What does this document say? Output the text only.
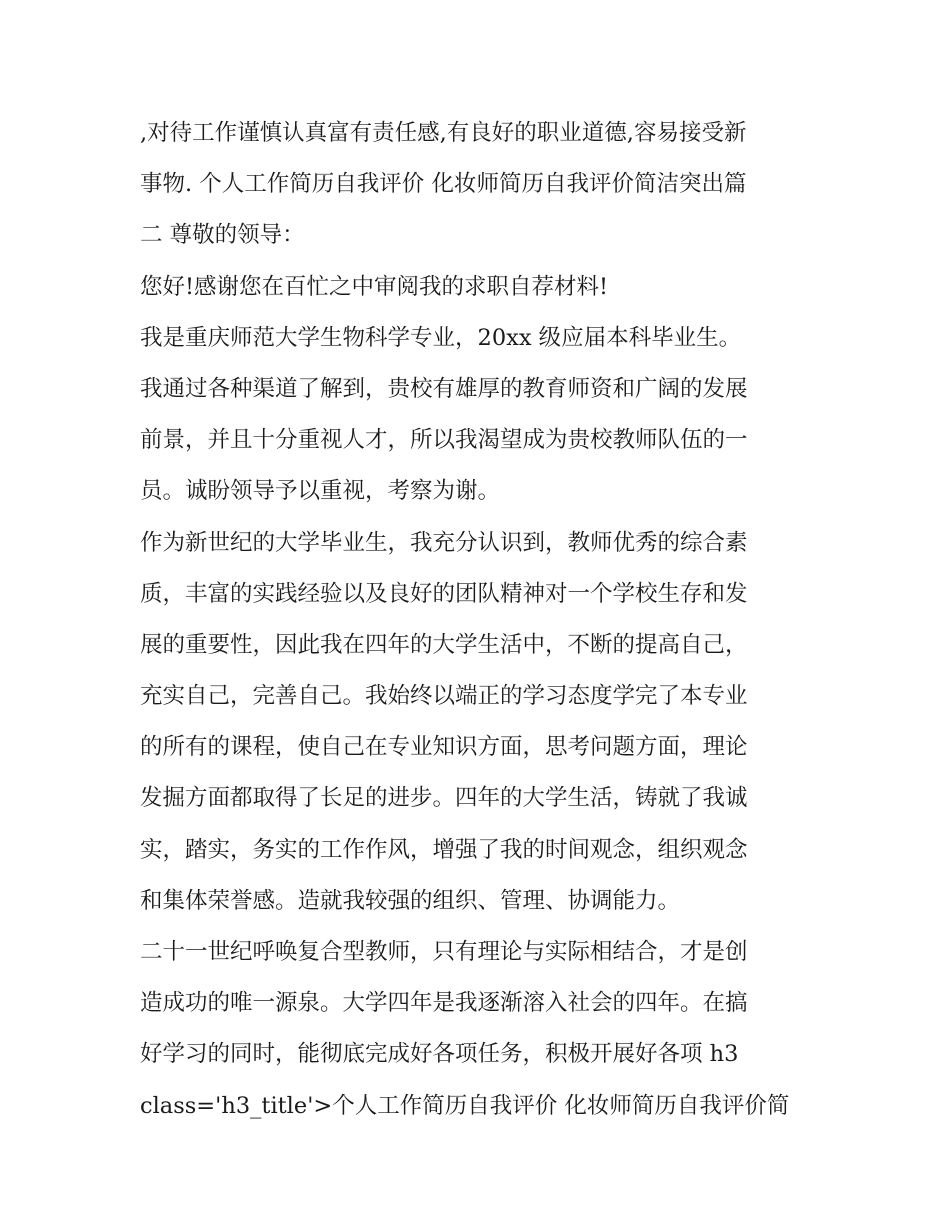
,对待工作谨慎认真富有责任感,有良好的职业道德,容易接受新
事物. 个人工作简历自我评价 化妆师简历自我评价简洁突出篇
二 尊敬的领导：
您好!感谢您在百忙之中审阅我的求职自荐材料!
我是重庆师范大学生物科学专业，20xx 级应届本科毕业生。
我通过各种渠道了解到，贵校有雄厚的教育师资和广阔的发展
前景，并且十分重视人才，所以我渴望成为贵校教师队伍的一
员。诚盼领导予以重视，考察为谢。
作为新世纪的大学毕业生，我充分认识到，教师优秀的综合素
质，丰富的实践经验以及良好的团队精神对一个学校生存和发
展的重要性，因此我在四年的大学生活中，不断的提高自己，
充实自己，完善自己。我始终以端正的学习态度学完了本专业
的所有的课程，使自己在专业知识方面，思考问题方面，理论
发掘方面都取得了长足的进步。四年的大学生活，铸就了我诚
实，踏实，务实的工作作风，增强了我的时间观念，组织观念
和集体荣誉感。造就我较强的组织、管理、协调能力。
二十一世纪呼唤复合型教师，只有理论与实际相结合，才是创
造成功的唯一源泉。大学四年是我逐渐溶入社会的四年。在搞
好学习的同时，能彻底完成好各项任务，积极开展好各项 h3
class='h3_title'>个人工作简历自我评价 化妆师简历自我评价简
